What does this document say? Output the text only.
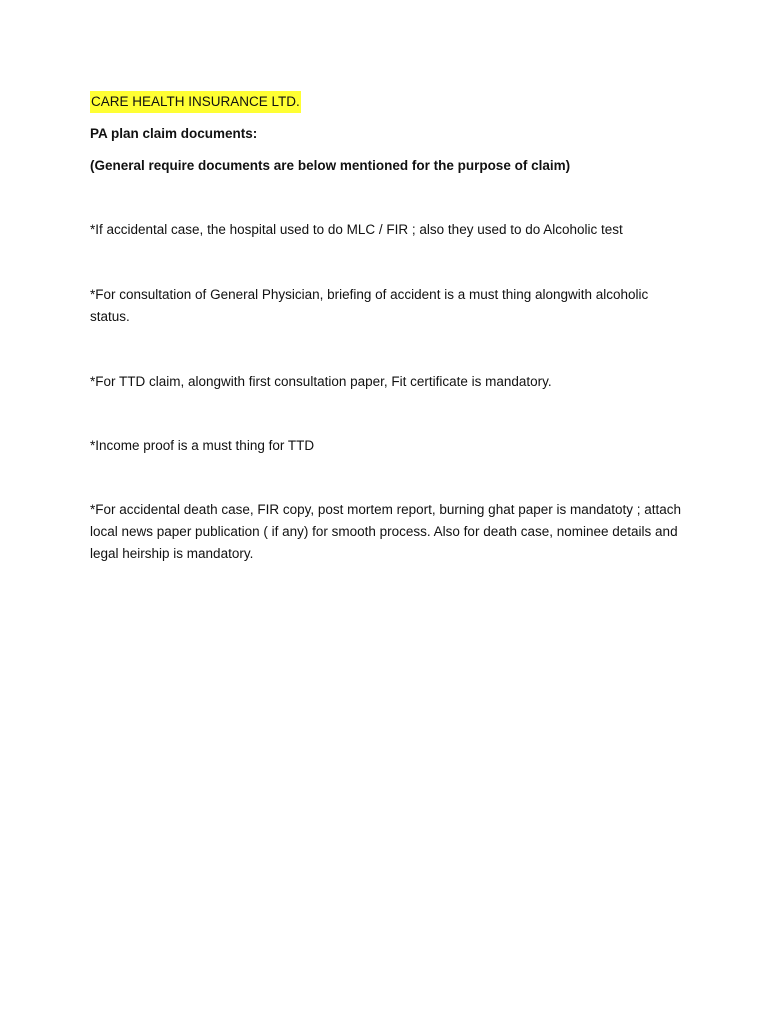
CARE HEALTH INSURANCE LTD.

PA plan claim documents:

(General require documents are below mentioned for the purpose of claim)

*If accidental case, the hospital used to do MLC / FIR ; also they used to do Alcoholic test

*For consultation of General Physician, briefing of accident is a must thing alongwith alcoholic status.

*For TTD claim, alongwith first consultation paper, Fit certificate is mandatory.

*Income proof is a must thing for TTD

*For accidental death case, FIR copy, post mortem report, burning ghat paper is mandatoty ; attach local news paper publication ( if any) for smooth process. Also for death case, nominee details and legal heirship is mandatory.
